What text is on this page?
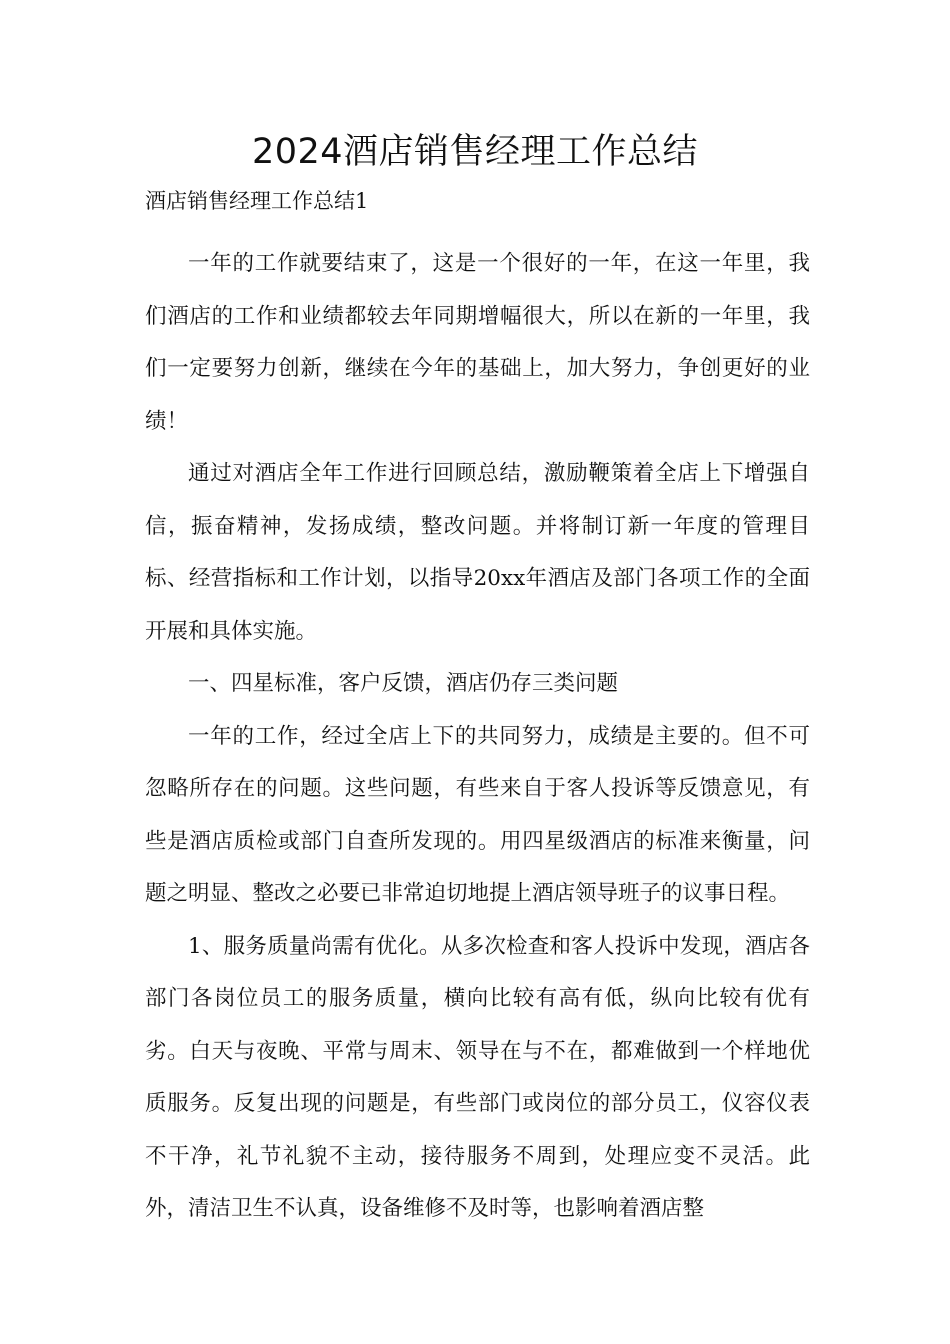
2024酒店销售经理工作总结

酒店销售经理工作总结1

一年的工作就要结束了，这是一个很好的一年，在这一年里，我们酒店的工作和业绩都较去年同期增幅很大，所以在新的一年里，我们一定要努力创新，继续在今年的基础上，加大努力，争创更好的业绩！

通过对酒店全年工作进行回顾总结，激励鞭策着全店上下增强自信，振奋精神，发扬成绩，整改问题。并将制订新一年度的管理目标、经营指标和工作计划，以指导20xx年酒店及部门各项工作的全面开展和具体实施。

一、四星标准，客户反馈，酒店仍存三类问题

一年的工作，经过全店上下的共同努力，成绩是主要的。但不可忽略所存在的问题。这些问题，有些来自于客人投诉等反馈意见，有些是酒店质检或部门自查所发现的。用四星级酒店的标准来衡量，问题之明显、整改之必要已非常迫切地提上酒店领导班子的议事日程。

1、服务质量尚需有优化。从多次检查和客人投诉中发现，酒店各部门各岗位员工的服务质量，横向比较有高有低，纵向比较有优有劣。白天与夜晚、平常与周末、领导在与不在，都难做到一个样地优质服务。反复出现的问题是，有些部门或岗位的部分员工，仪容仪表不干净，礼节礼貌不主动，接待服务不周到，处理应变不灵活。此外，清洁卫生不认真，设备维修不及时等，也影响着酒店整
